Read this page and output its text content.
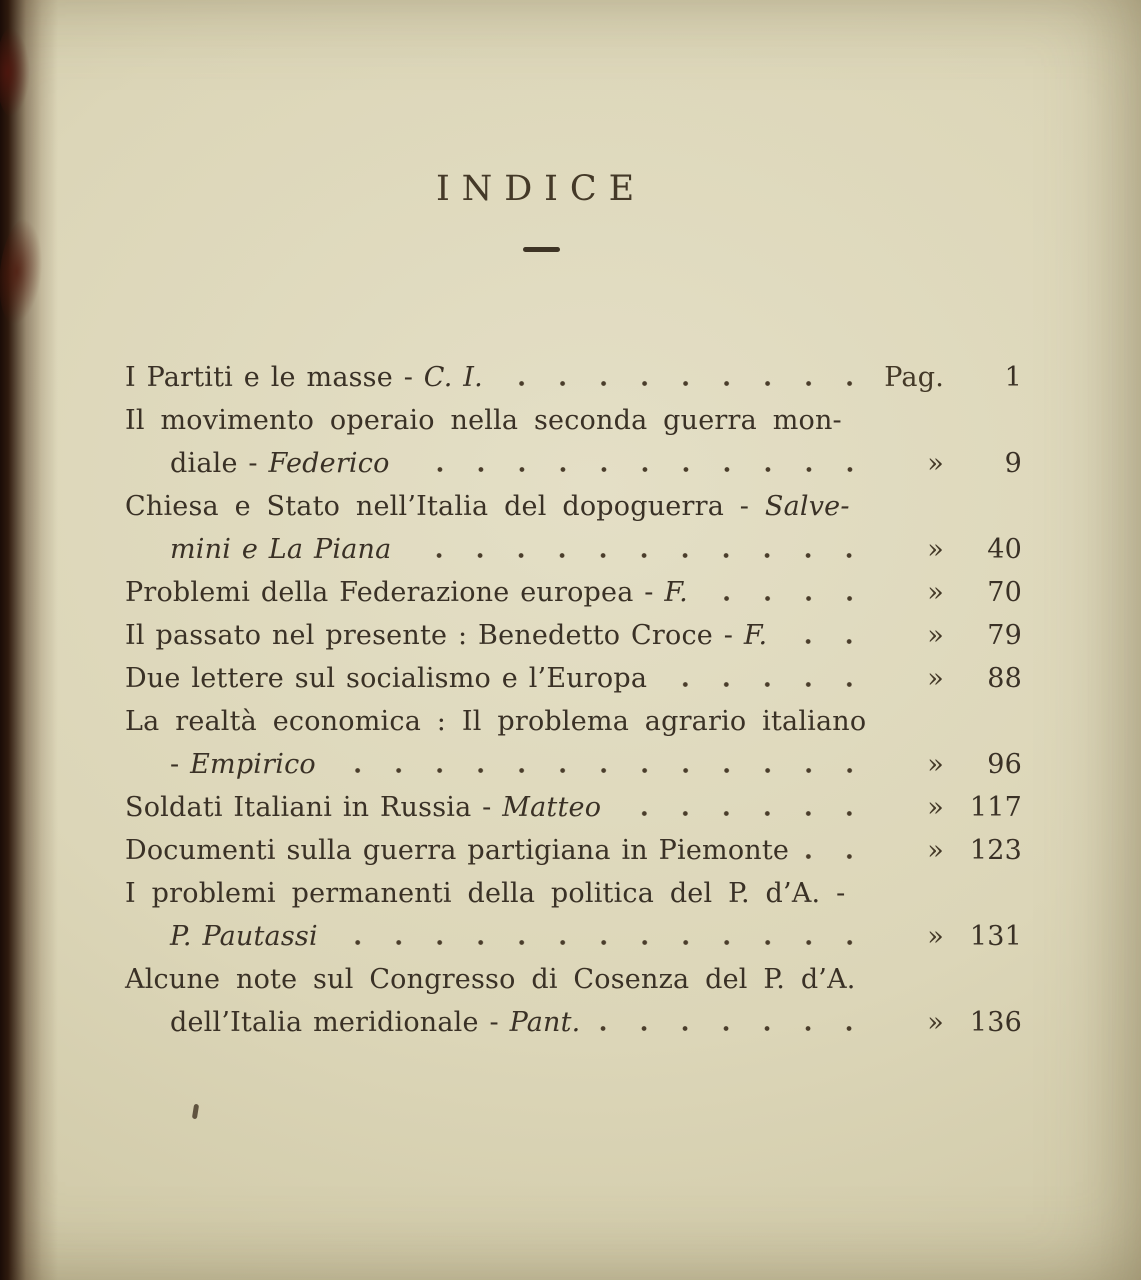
INDICE
I Partiti e le masse - C. I.	Pag.	1
Il movimento operaio nella seconda guerra mon-
diale - Federico	»	9
Chiesa e Stato nell’Italia del dopoguerra - Salve-
mini e La Piana	»	40
Problemi della Federazione europea - F.	»	70
Il passato nel presente : Benedetto Croce - F.	»	79
Due lettere sul socialismo e l’Europa	»	88
La realtà economica : Il problema agrario italiano
- Empirico	»	96
Soldati Italiani in Russia - Matteo	» 117
Documenti sulla guerra partigiana in Piemonte	» 123
I problemi permanenti della politica del P. d’A. -
P. Pautassi	» 131
Alcune note sul Congresso di Cosenza del P. d’A.
dell’Italia meridionale - Pant.	» 136
